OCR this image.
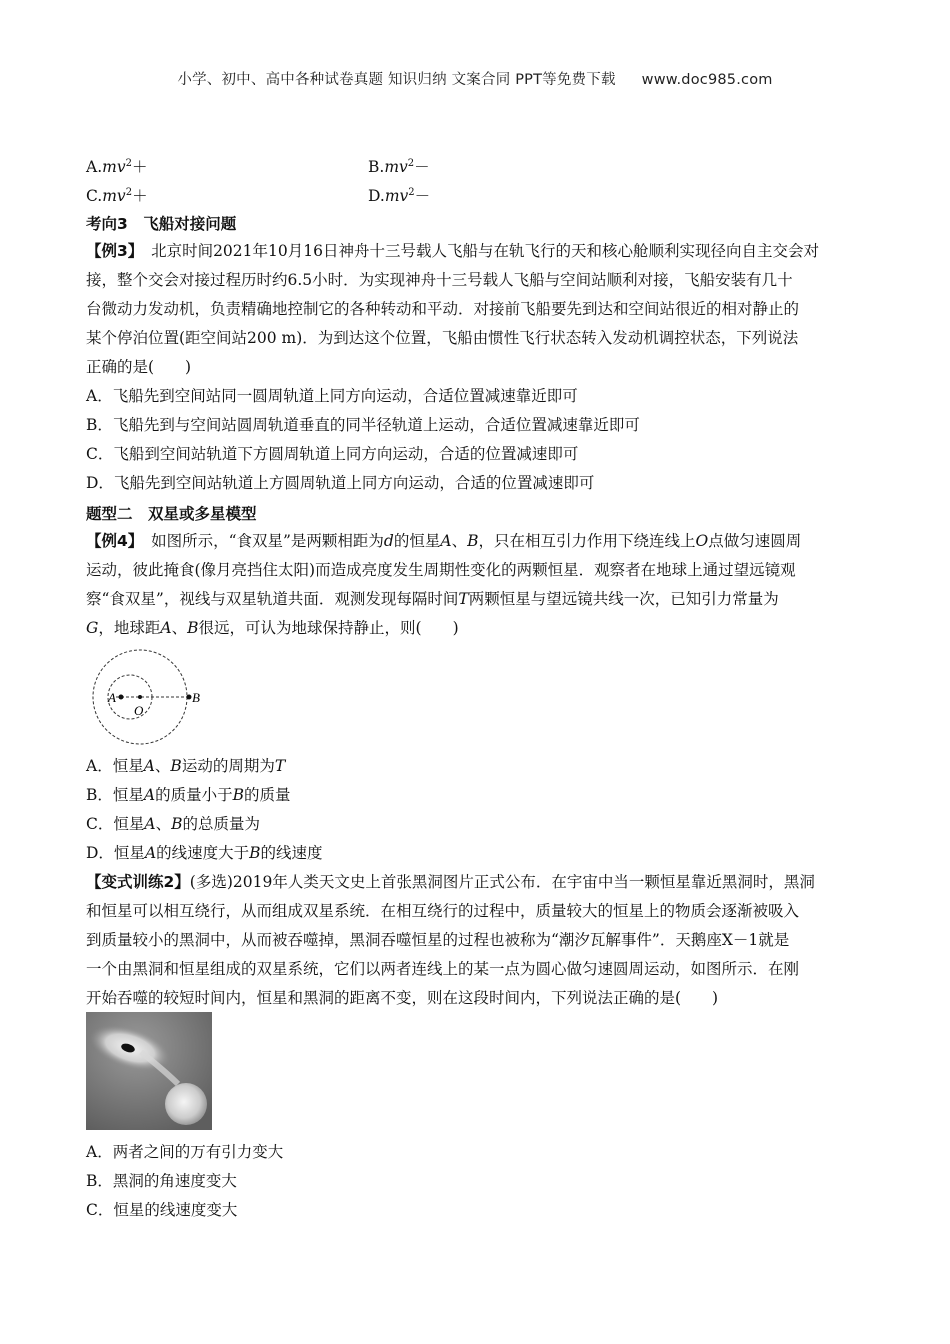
小学、初中、高中各种试卷真题 知识归纳 文案合同 PPT等免费下载 www.doc985.com
$A.mv^2+$	$B.mv^2-$
$C.mv^2+$	$D.mv^2-$
考向3　飞船对接问题
【例3】　 北京时间2021年10月16日神舟十三号载人飞船与在轨飞行的天和核心舱顺利实现径向自主交会对
接，整个交会对接过程历时约6.5小时．为实现神舟十三号载人飞船与空间站顺利对接，飞船安装有几十
台微动力发动机，负责精确地控制它的各种转动和平动．对接前飞船要先到达和空间站很近的相对静止的
某个停泊位置(距空间站200 m)．为到达这个位置，飞船由惯性飞行状态转入发动机调控状态，下列说法
正确的是(　　)
A．飞船先到空间站同一圆周轨道上同方向运动，合适位置减速靠近即可
B．飞船先到与空间站圆周轨道垂直的同半径轨道上运动，合适位置减速靠近即可
C．飞船到空间站轨道下方圆周轨道上同方向运动，合适的位置减速即可
D．飞船先到空间站轨道上方圆周轨道上同方向运动，合适的位置减速即可
题型二　双星或多星模型
【例4】　 如图所示，“食双星”是两颗相距为d的恒星A、B，只在相互引力作用下绕连线上O点做匀速圆周
运动，彼此掩食(像月亮挡住太阳)而造成亮度发生周期性变化的两颗恒星．观察者在地球上通过望远镜观
察“食双星”，视线与双星轨道共面．观测发现每隔时间T两颗恒星与望远镜共线一次，已知引力常量为
G，地球距A、B很远，可认为地球保持静止，则(　　)
A	B
O
A．恒星A、B运动的周期为T
B．恒星A的质量小于B的质量
C．恒星A、B的总质量为
D．恒星A的线速度大于B的线速度
【变式训练2】(多选)2019年人类天文史上首张黑洞图片正式公布．在宇宙中当一颗恒星靠近黑洞时，黑洞
和恒星可以相互绕行，从而组成双星系统．在相互绕行的过程中，质量较大的恒星上的物质会逐渐被吸入
到质量较小的黑洞中，从而被吞噬掉，黑洞吞噬恒星的过程也被称为“潮汐瓦解事件”．天鹅座X－1就是
一个由黑洞和恒星组成的双星系统，它们以两者连线上的某一点为圆心做匀速圆周运动，如图所示．在刚
开始吞噬的较短时间内，恒星和黑洞的距离不变，则在这段时间内，下列说法正确的是(　　)
A．两者之间的万有引力变大
B．黑洞的角速度变大
C．恒星的线速度变大
